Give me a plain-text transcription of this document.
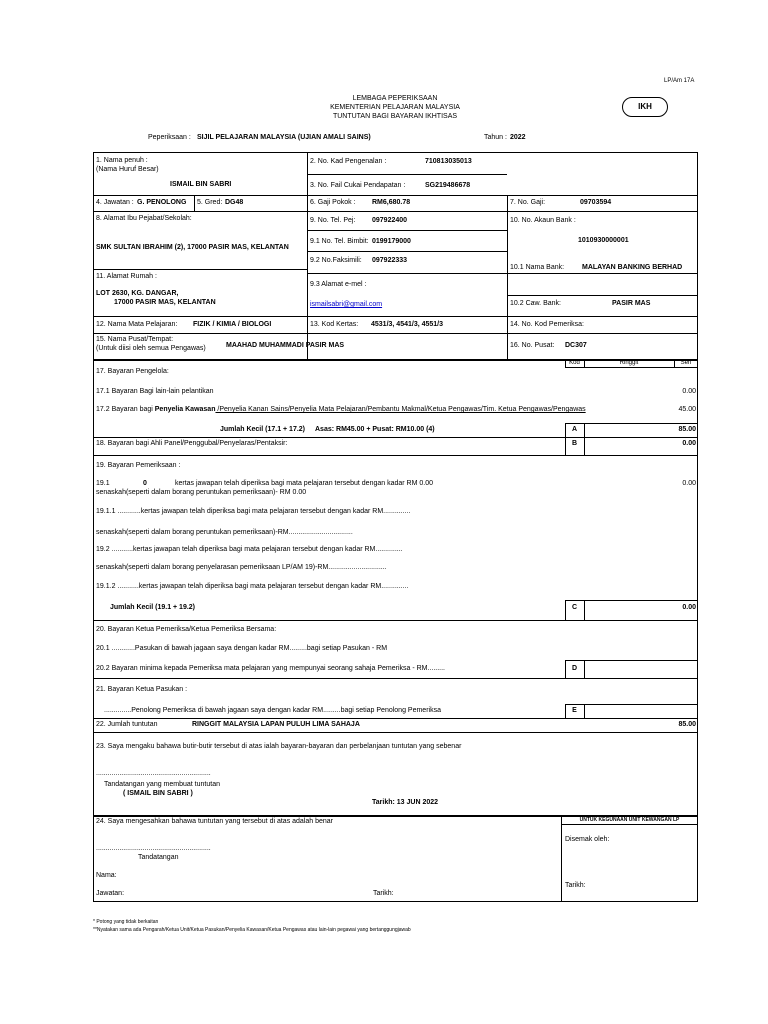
LP/Am 17A
LEMBAGA PEPERIKSAAN
KEMENTERIAN PELAJARAN MALAYSIA
TUNTUTAN BAGI BAYARAN IKHTISAS
IKH
Peperiksaan : SIJIL PELAJARAN MALAYSIA (UJIAN AMALI SAINS)	Tahun : 2022
1. Nama penuh :
(Nama Huruf Besar)
ISMAIL BIN SABRI
2. No. Kad Pengenalan :	710813035013
3. No. Fail Cukai Pendapatan :	SG219486678
4. Jawatan : G. PENOLONG 5. Gred: DG48	6. Gaji Pokok : RM6,680.78	7. No. Gaji:	09703594
8. Alamat Ibu Pejabat/Sekolah:
SMK SULTAN IBRAHIM (2), 17000 PASIR MAS, KELANTAN
9. No. Tel. Pej: 097922400
9.1 No. Tel. Bimbit: 0199179000
9.2 No.Faksimili: 097922333
9.3 Alamat e-mel :
ismailsabri@gmail.com
10. No. Akaun Bank :
1010930000001
10.1 Nama Bank:	MALAYAN BANKING BERHAD
10.2 Caw. Bank:	PASIR MAS
11. Alamat Rumah :
LOT 2630, KG. DANGAR,
17000 PASIR MAS, KELANTAN
12. Nama Mata Pelajaran: FIZIK / KIMIA / BIOLOGI	13. Kod Kertas: 4531/3, 4541/3, 4551/3	14. No. Kod Pemeriksa:
15. Nama Pusat/Tempat:
(Untuk diisi oleh semua Pengawas)	MAAHAD MUHAMMADI PASIR MAS	16. No. Pusat: DC307
Kod	Ringgit	Sen
17. Bayaran Pengelola:
17.1 Bayaran Bagi lain-lain pelantikan	0.00
17.2 Bayaran bagi Penyelia Kawasan /Penyelia Kanan Sains/Penyelia Mata Pelajaran/Pembantu Makmal/Ketua Pengawas/Tim. Ketua Pengawas/Pengawas	45.00
Jumlah Kecil (17.1 + 17.2) Asas: RM45.00 + Pusat: RM10.00 (4)	A	85.00
18. Bayaran bagi Ahli Panel/Penggubal/Penyelaras/Pentaksir:	B	0.00
19. Bayaran Pemeriksaan :
19.1	0	kertas jawapan telah diperiksa bagi mata pelajaran tersebut dengan kadar RM 0.00
senaskah(seperti dalam borang peruntukan pemeriksaan)- RM 0.00
0.00
19.1.1 ............kertas jawapan telah diperiksa bagi mata pelajaran tersebut dengan kadar RM..............
senaskah(seperti dalam borang peruntukan pemeriksaan)-RM.................................
19.2 ...........kertas jawapan telah diperiksa bagi mata pelajaran tersebut dengan kadar RM..............
senaskah(seperti dalam borang penyelarasan pemeriksaan LP/AM 19)-RM..............................
19.1.2 ...........kertas jawapan telah diperiksa bagi mata pelajaran tersebut dengan kadar RM..............
Jumlah Kecil (19.1 + 19.2)	C	0.00
20. Bayaran Ketua Pemeriksa/Ketua Pemeriksa Bersama:
20.1 ............Pasukan di bawah jagaan saya dengan kadar RM.........bagi setiap Pasukan - RM
20.2 Bayaran minima kepada Pemeriksa mata pelajaran yang mempunyai seorang sahaja Pemeriksa - RM.........	D
21. Bayaran Ketua Pasukan :
..............Penolong Pemeriksa di bawah jagaan saya dengan kadar RM.........bagi setiap Penolong Pemeriksa	E
22. Jumlah tuntutan	RINGGIT MALAYSIA LAPAN PULUH LIMA SAHAJA	85.00
23. Saya mengaku bahawa butir-butir tersebut di atas ialah bayaran-bayaran dan perbelanjaan tuntutan yang sebenar
...........................................................
Tandatangan yang membuat tuntutan
( ISMAIL BIN SABRI )
Tarikh: 13 JUN 2022
24. Saya mengesahkan bahawa tuntutan yang tersebut di atas adalah benar
...........................................................
Tandatangan
Nama:
Jawatan:	Tarikh:
UNTUK KEGUNAAN UNIT KEWANGAN LP
Disemak oleh:
Tarikh:
* Potong yang tidak berkaitan
**Nyatakan sama ada Pengarah/Ketua Unit/Ketua Pasukan/Penyelia Kawasan/Ketua Pengawas atau lain-lain pegawai yang bertanggungjawab
